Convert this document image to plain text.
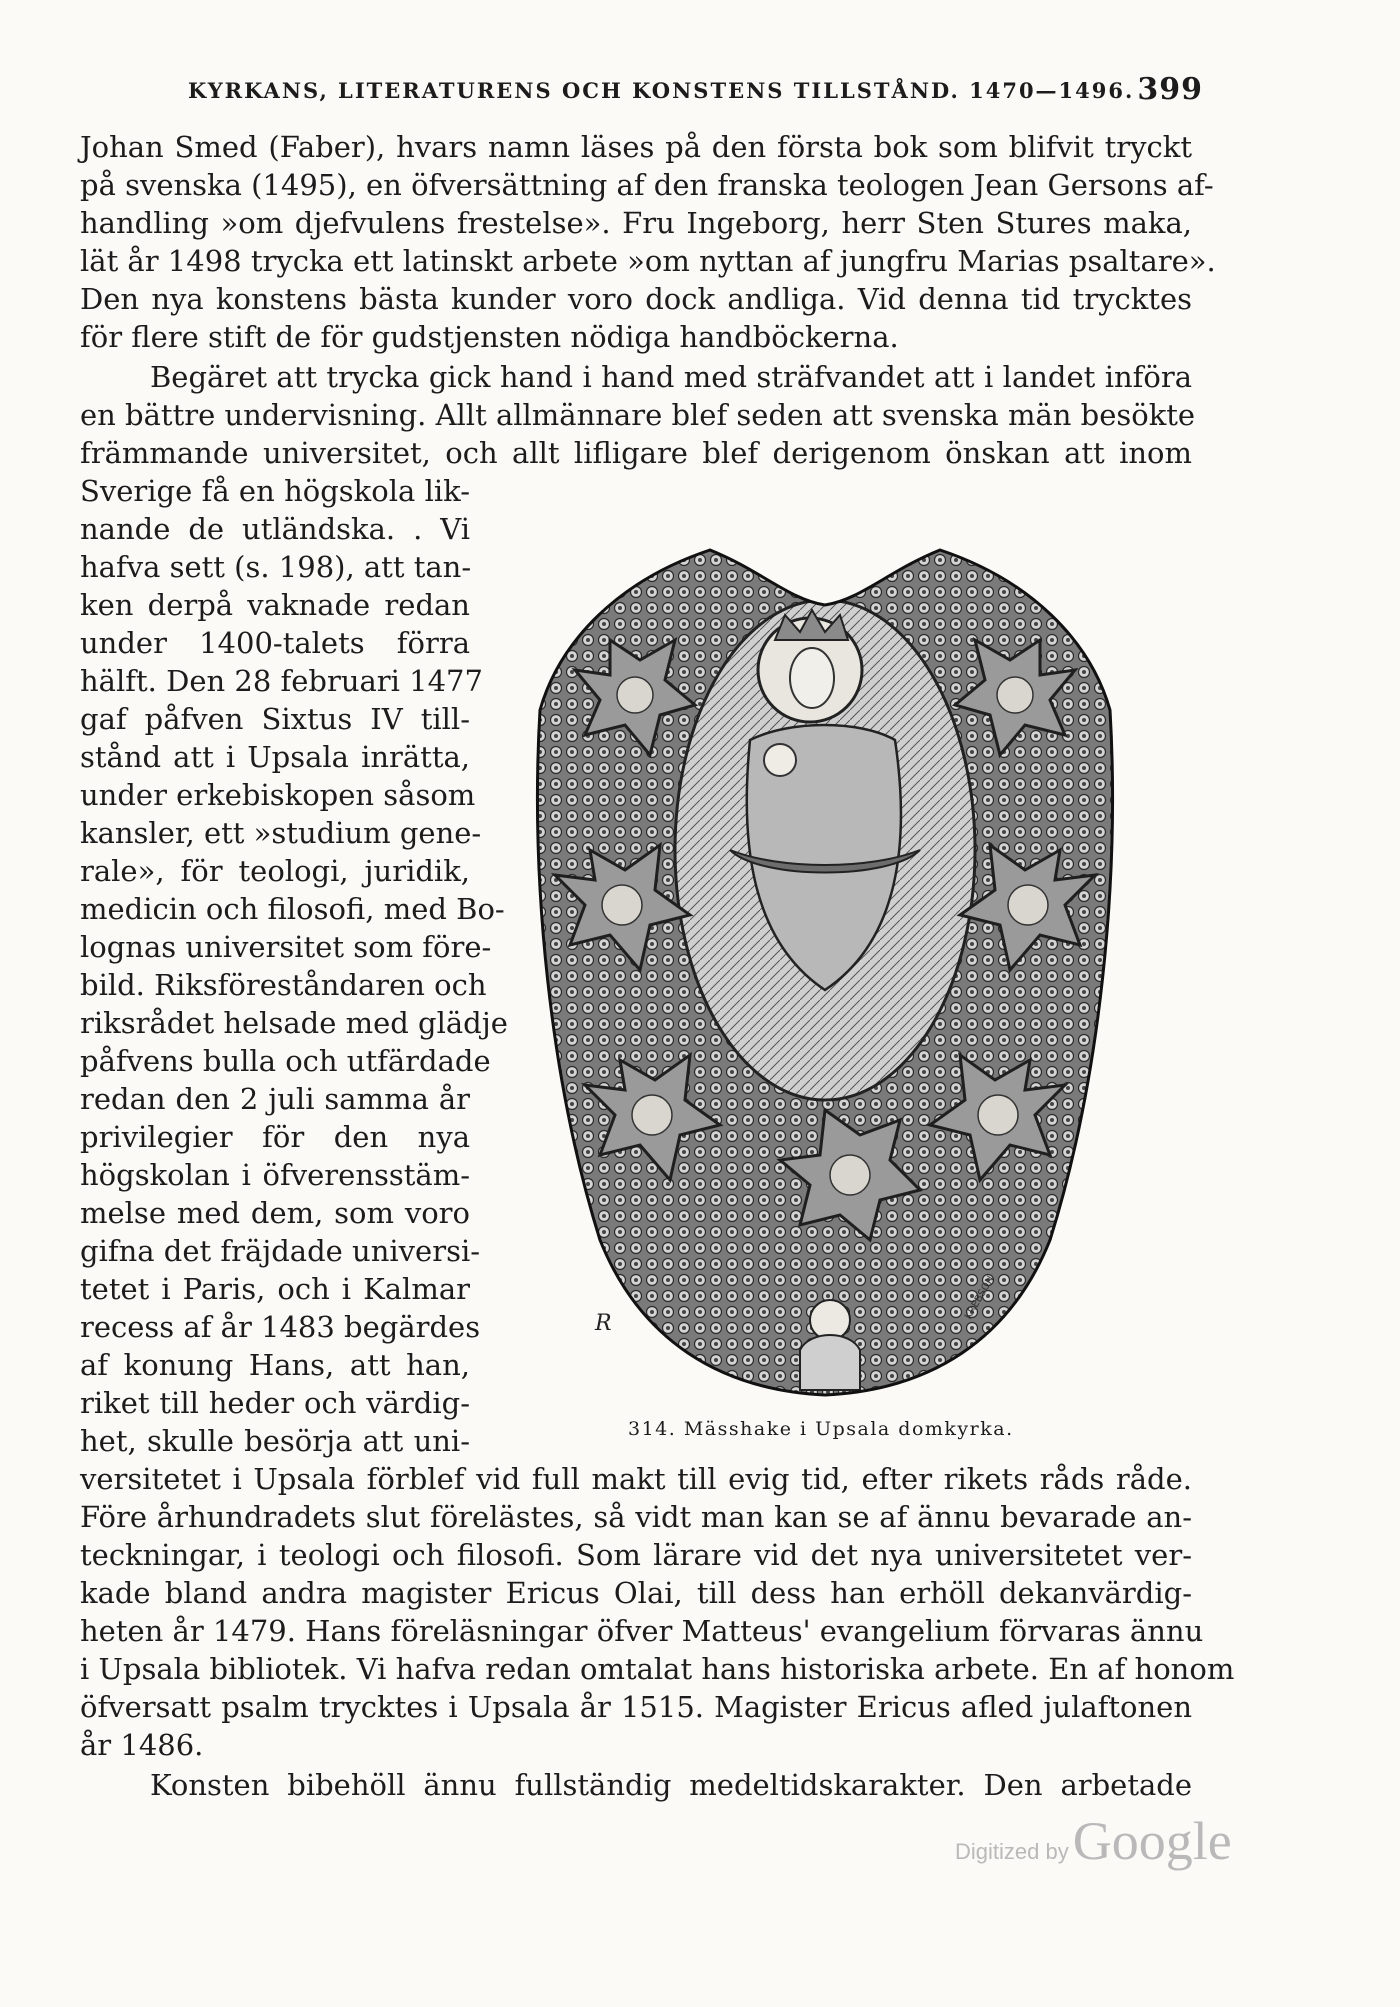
KYRKANS, LITERATURENS OCH KONSTENS TILLSTÅND. 1470—1496. 399
Johan Smed (Faber), hvars namn läses på den första bok som blifvit tryckt
på svenska (1495), en öfversättning af den franska teologen Jean Gersons af-
handling »om djefvulens frestelse». Fru Ingeborg, herr Sten Stures maka,
lät år 1498 trycka ett latinskt arbete »om nyttan af jungfru Marias psaltare».
Den nya konstens bästa kunder voro dock andliga. Vid denna tid trycktes
för flere stift de för gudstjensten nödiga handböckerna.
Begäret att trycka gick hand i hand med sträfvandet att i landet införa
en bättre undervisning. Allt allmännare blef seden att svenska män besökte
främmande universitet, och allt lifligare blef derigenom önskan att inom
Sverige få en högskola lik-
nande de utländska. . Vi
hafva sett (s. 198), att tan-
ken derpå vaknade redan
under 1400-talets förra
hälft. Den 28 februari 1477
gaf påfven Sixtus IV till-
stånd att i Upsala inrätta,
under erkebiskopen såsom
kansler, ett »studium gene-
rale», för teologi, juridik,
medicin och filosofi, med Bo-
lognas universitet som före-
bild. Riksföreståndaren och
riksrådet helsade med glädje
påfvens bulla och utfärdade
redan den 2 juli samma år
privilegier för den nya
högskolan i öfverensstäm-
melse med dem, som voro
gifna det fräjdade universi-
tetet i Paris, och i Kalmar
recess af år 1483 begärdes
af konung Hans, att han,
riket till heder och värdig-
het, skulle besörja att uni-
versitetet i Upsala förblef vid full makt till evig tid, efter rikets råds råde.
Före århundradets slut förelästes, så vidt man kan se af ännu bevarade an-
teckningar, i teologi och filosofi. Som lärare vid det nya universitetet ver-
kade bland andra magister Ericus Olai, till dess han erhöll dekanvärdig-
heten år 1479. Hans föreläsningar öfver Matteus' evangelium förvaras ännu
i Upsala bibliotek. Vi hafva redan omtalat hans historiska arbete. En af honom
öfversatt psalm trycktes i Upsala år 1515. Magister Ericus afled julaftonen
år 1486.
Konsten bibehöll ännu fullständig medeltidskarakter. Den arbetade
R
KREBSON
314. Mässhake i Upsala domkyrka.
Digitized by Google
